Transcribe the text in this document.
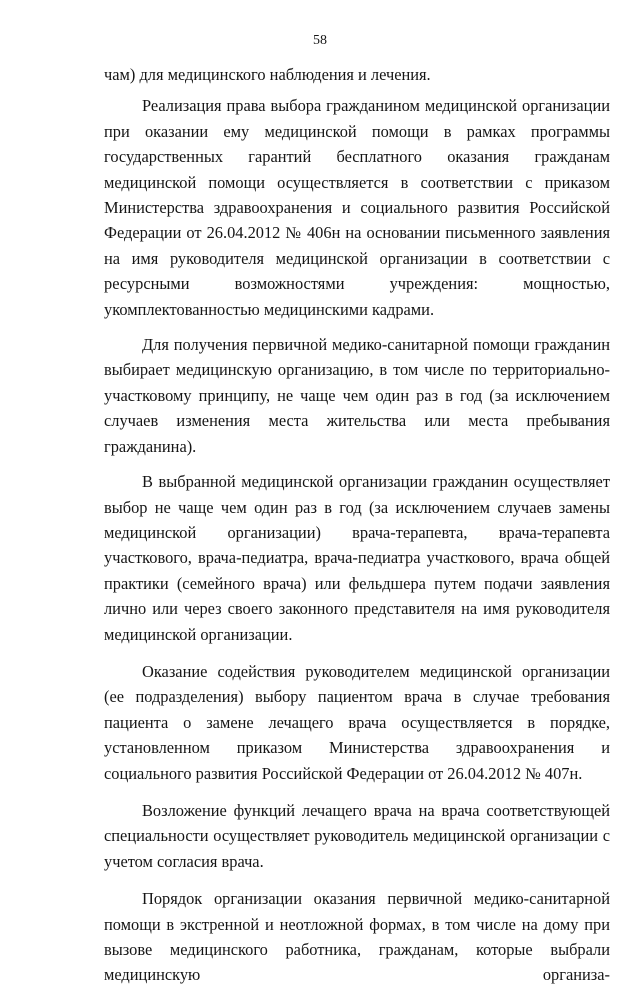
58

чам) для медицинского наблюдения и лечения.

Реализация права выбора гражданином медицинской организации при оказании ему медицинской помощи в рамках программы государственных гарантий бесплатного оказания гражданам медицинской помощи осуществляется в соответствии с приказом Министерства здравоохранения и социального развития Российской Федерации от 26.04.2012 № 406н на основании письменного заявления на имя руководителя медицинской организации в соответствии с ресурсными возможностями учреждения: мощностью, укомплектованностью медицинскими кадрами.

Для получения первичной медико-санитарной помощи гражданин выбирает медицинскую организацию, в том числе по территориально-участковому принципу, не чаще чем один раз в год (за исключением случаев изменения места жительства или места пребывания гражданина).

В выбранной медицинской организации гражданин осуществляет выбор не чаще чем один раз в год (за исключением случаев замены медицинской организации) врача-терапевта, врача-терапевта участкового, врача-педиатра, врача-педиатра участкового, врача общей практики (семейного врача) или фельдшера путем подачи заявления лично или через своего законного представителя на имя руководителя медицинской организации.

Оказание содействия руководителем медицинской организации (ее подразделения) выбору пациентом врача в случае требования пациента о замене лечащего врача осуществляется в порядке, установленном приказом Министерства здравоохранения и социального развития Российской Федерации от 26.04.2012 № 407н.

Возложение функций лечащего врача на врача соответствующей специальности осуществляет руководитель медицинской организации с учетом согласия врача.

Порядок организации оказания первичной медико-санитарной помощи в экстренной и неотложной формах, в том числе на дому при вызове медицинского работника, гражданам, которые выбрали медицинскую организа-
